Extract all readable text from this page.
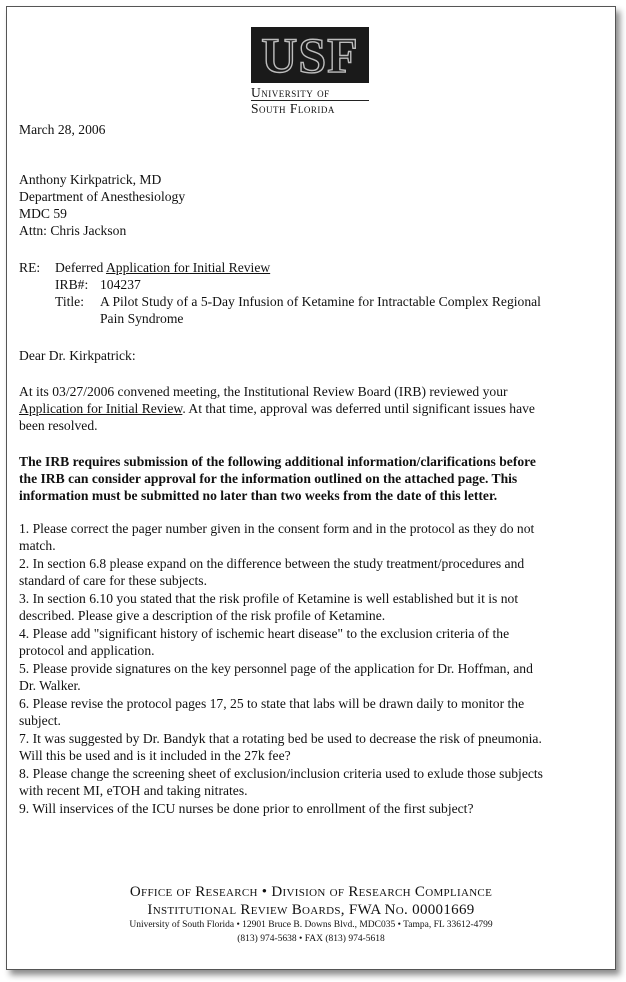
USF
University of
South Florida
March 28, 2006
Anthony Kirkpatrick, MD
Department of Anesthesiology
MDC 59
Attn: Chris Jackson
RE: Deferred Application for Initial Review
IRB#: 104237
Title: A Pilot Study of a 5-Day Infusion of Ketamine for Intractable Complex Regional
Pain Syndrome
Dear Dr. Kirkpatrick:
At its 03/27/2006 convened meeting, the Institutional Review Board (IRB) reviewed your
Application for Initial Review. At that time, approval was deferred until significant issues have
been resolved.
The IRB requires submission of the following additional information/clarifications before
the IRB can consider approval for the information outlined on the attached page. This
information must be submitted no later than two weeks from the date of this letter.
1. Please correct the pager number given in the consent form and in the protocol as they do not
match.
2. In section 6.8 please expand on the difference between the study treatment/procedures and
standard of care for these subjects.
3. In section 6.10 you stated that the risk profile of Ketamine is well established but it is not
described. Please give a description of the risk profile of Ketamine.
4. Please add "significant history of ischemic heart disease" to the exclusion criteria of the
protocol and application.
5. Please provide signatures on the key personnel page of the application for Dr. Hoffman, and
Dr. Walker.
6. Please revise the protocol pages 17, 25 to state that labs will be drawn daily to monitor the
subject.
7. It was suggested by Dr. Bandyk that a rotating bed be used to decrease the risk of pneumonia.
Will this be used and is it included in the 27k fee?
8. Please change the screening sheet of exclusion/inclusion criteria used to exlude those subjects
with recent MI, eTOH and taking nitrates.
9. Will inservices of the ICU nurses be done prior to enrollment of the first subject?
Office of Research • Division of Research Compliance
Institutional Review Boards, FWA No. 00001669
University of South Florida • 12901 Bruce B. Downs Blvd., MDC035 • Tampa, FL 33612-4799
(813) 974-5638 • FAX (813) 974-5618
